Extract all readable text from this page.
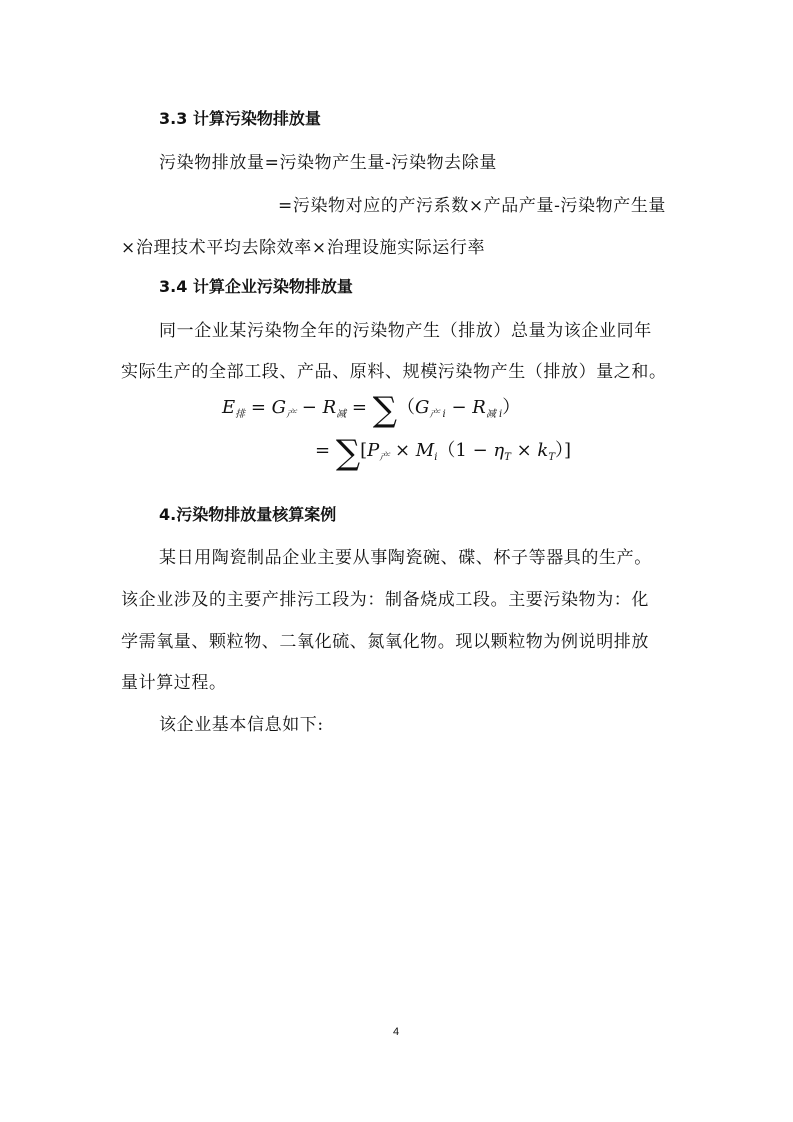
3.3 计算污染物排放量
污染物排放量=污染物产生量-污染物去除量
=污染物对应的产污系数×产品产量-污染物产生量
×治理技术平均去除效率×治理设施实际运行率
3.4 计算企业污染物排放量
同一企业某污染物全年的污染物产生（排放）总量为该企业同年
实际生产的全部工段、产品、原料、规模污染物产生（排放）量之和。
$E_排 = G_产 - R_减 = \sum(G_{产 i} - R_{减 i})$
= $\sum[P_产 \times M_i(1 - \eta_T \times k_T)]$
4.污染物排放量核算案例
某日用陶瓷制品企业主要从事陶瓷碗、碟、杯子等器具的生产。
该企业涉及的主要产排污工段为：制备烧成工段。主要污染物为：化
学需氧量、颗粒物、二氧化硫、氮氧化物。现以颗粒物为例说明排放
量计算过程。
该企业基本信息如下:
4
